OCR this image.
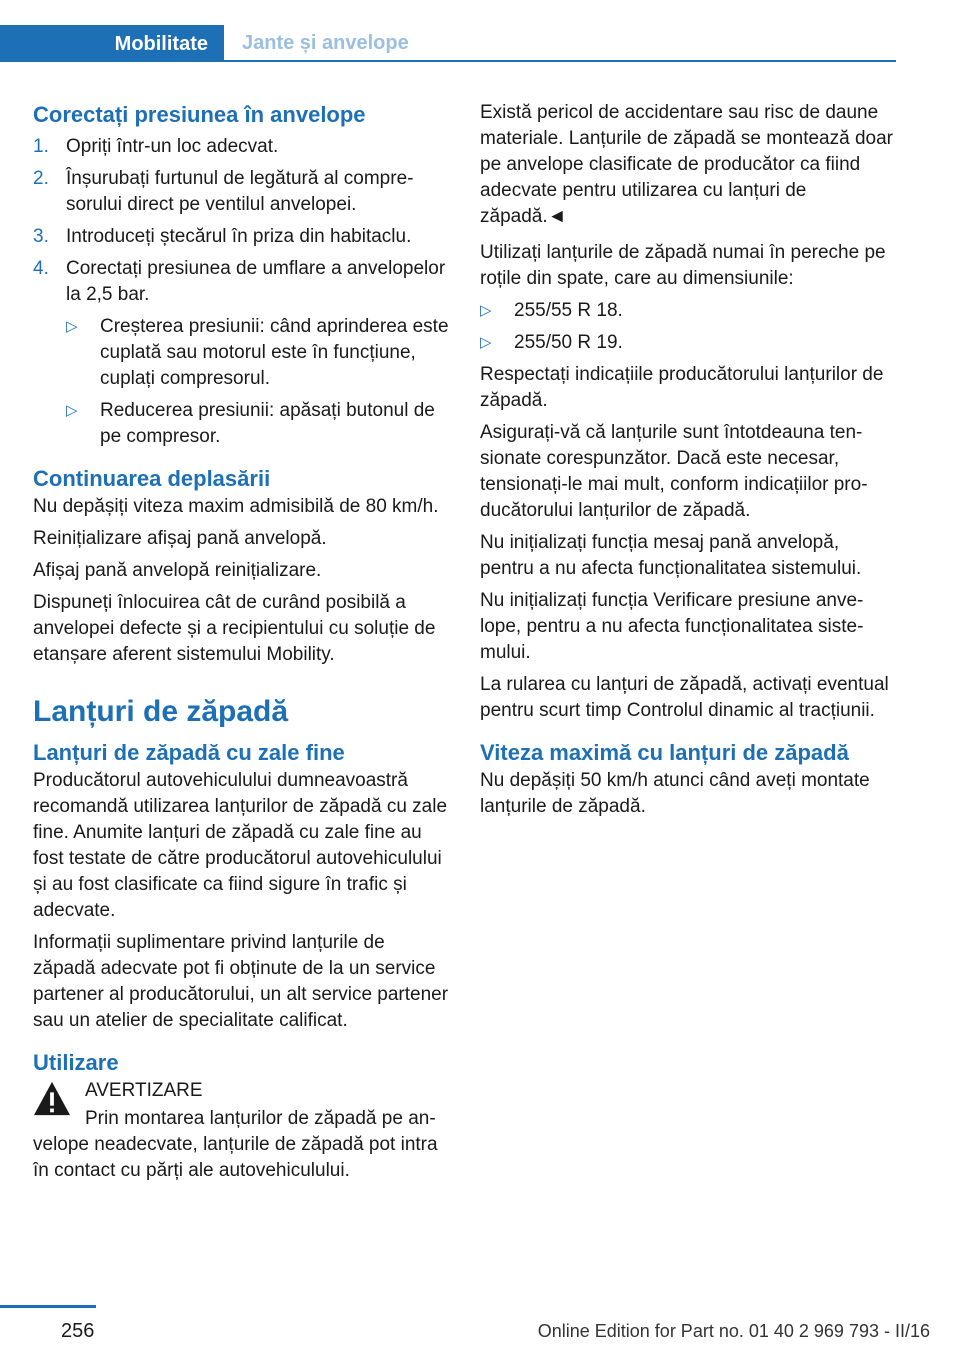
Mobilitate	Jante și anvelope
Corectați presiunea în anvelope
1. Opriți într-un loc adecvat.
2. Înșurubați furtunul de legătură al compresorului direct pe ventilul anvelopei.
3. Introduceți ștecărul în priza din habitaclu.
4. Corectați presiunea de umflare a anvelopelor la 2,5 bar.
▷ Creșterea presiunii: când aprinderea este cuplată sau motorul este în funcțiune, cuplați compresorul.
▷ Reducerea presiunii: apăsați butonul de pe compresor.
Continuarea deplasării

Nu depășiți viteza maxim admisibilă de 80 km/h.

Reinițializare afișaj pană anvelopă.

Afișaj pană anvelopă reinițializare.

Dispuneți înlocuirea cât de curând posibilă a anvelopei defecte și a recipientului cu soluție de etanșare aferent sistemului Mobility.

Lanțuri de zăpadă
Lanțuri de zăpadă cu zale fine

Producătorul autovehiculului dumneavoastră recomandă utilizarea lanțurilor de zăpadă cu zale fine. Anumite lanțuri de zăpadă cu zale fine au fost testate de către producătorul autovehiculului și au fost clasificate ca fiind sigure în trafic și adecvate.

Informații suplimentare privind lanțurile de zăpadă adecvate pot fi obținute de la un service partener al producătorului, un alt service partener sau un atelier de specialitate calificat.

Utilizare
AVERTIZARE

Prin montarea lanțurilor de zăpadă pe anvelope neadecvate, lanțurile de zăpadă pot intra în contact cu părți ale autovehiculului.

Există pericol de accidentare sau risc de daune materiale. Lanțurile de zăpadă se montează doar pe anvelope clasificate de producător ca fiind adecvate pentru utilizarea cu lanțuri de zăpadă.◄

Utilizați lanțurile de zăpadă numai în pereche pe roțile din spate, care au dimensiunile:

▷ 255/55 R 18.
▷ 255/50 R 19.

Respectați indicațiile producătorului lanțurilor de zăpadă.

Asigurați-vă că lanțurile sunt întotdeauna tensionate corespunzător. Dacă este necesar, tensionați-le mai mult, conform indicațiilor producătorului lanțurilor de zăpadă.

Nu inițializați funcția mesaj pană anvelopă, pentru a nu afecta funcționalitatea sistemului.

Nu inițializați funcția Verificare presiune anvelope, pentru a nu afecta funcționalitatea sistemului.

La rularea cu lanțuri de zăpadă, activați eventual pentru scurt timp Controlul dinamic al tracțiunii.

Viteza maximă cu lanțuri de zăpadă

Nu depășiți 50 km/h atunci când aveți montate lanțurile de zăpadă.

256	Online Edition for Part no. 01 40 2 969 793 - II/16
